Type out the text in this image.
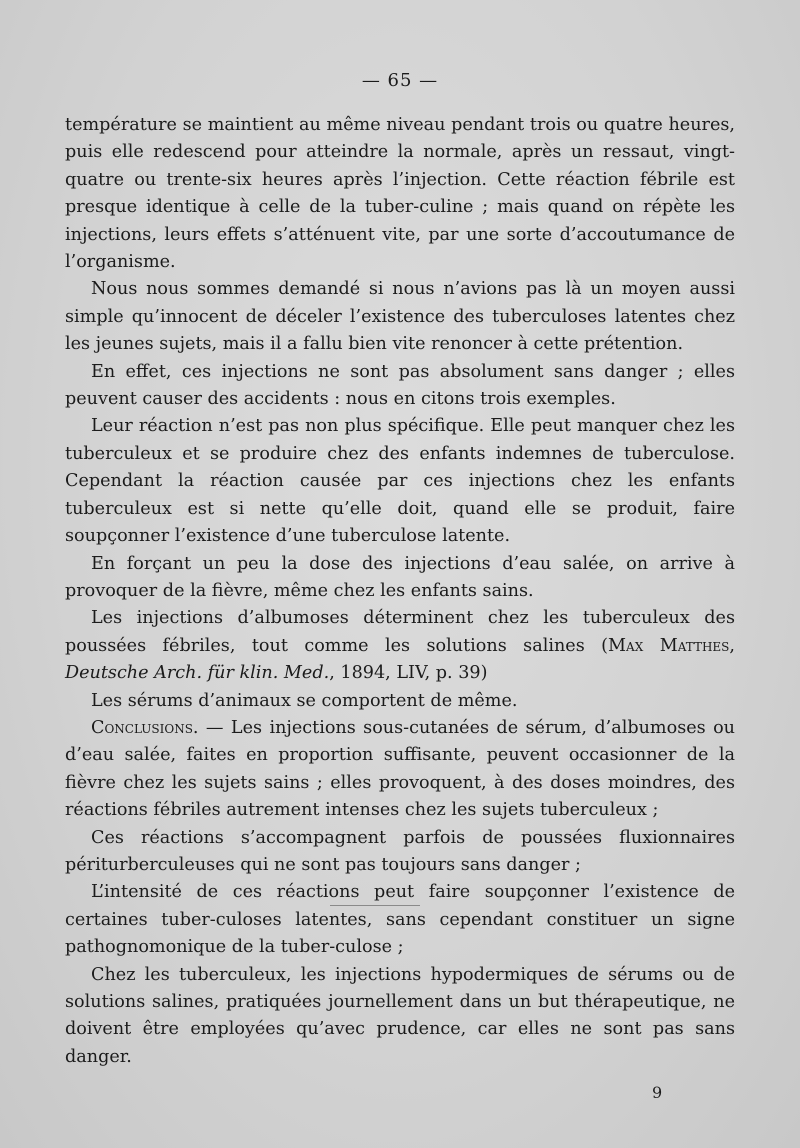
— 65 —

température se maintient au même niveau pendant trois ou quatre heures, puis elle redescend pour atteindre la normale, après un ressaut, vingt-quatre ou trente-six heures après l’injection. Cette réaction fébrile est presque identique à celle de la tuber-culine ; mais quand on répète les injections, leurs effets s’atténuent vite, par une sorte d’accoutumance de l’organisme.

Nous nous sommes demandé si nous n’avions pas là un moyen aussi simple qu’innocent de déceler l’existence des tuberculoses latentes chez les jeunes sujets, mais il a fallu bien vite renoncer à cette prétention.

En effet, ces injections ne sont pas absolument sans danger ; elles peuvent causer des accidents : nous en citons trois exemples.

Leur réaction n’est pas non plus spécifique. Elle peut manquer chez les tuberculeux et se produire chez des enfants indemnes de tuberculose. Cependant la réaction causée par ces injections chez les enfants tuberculeux est si nette qu’elle doit, quand elle se produit, faire soupçonner l’existence d’une tuberculose latente.

En forçant un peu la dose des injections d’eau salée, on arrive à provoquer de la fièvre, même chez les enfants sains.

Les injections d’albumoses déterminent chez les tuberculeux des poussées fébriles, tout comme les solutions salines (Max Matthes, Deutsche Arch. für klin. Med., 1894, LIV, p. 39)

Les sérums d’animaux se comportent de même.

Conclusions. — Les injections sous-cutanées de sérum, d’albumoses ou d’eau salée, faites en proportion suffisante, peuvent occasionner de la fièvre chez les sujets sains ; elles provoquent, à des doses moindres, des réactions fébriles autrement intenses chez les sujets tuberculeux ;

Ces réactions s’accompagnent parfois de poussées fluxionnaires périturberculeuses qui ne sont pas toujours sans danger ;

L’intensité de ces réactions peut faire soupçonner l’existence de certaines tuber-culoses latentes, sans cependant constituer un signe pathognomonique de la tuber-culose ;

Chez les tuberculeux, les injections hypodermiques de sérums ou de solutions salines, pratiquées journellement dans un but thérapeutique, ne doivent être employées qu’avec prudence, car elles ne sont pas sans danger.

9
